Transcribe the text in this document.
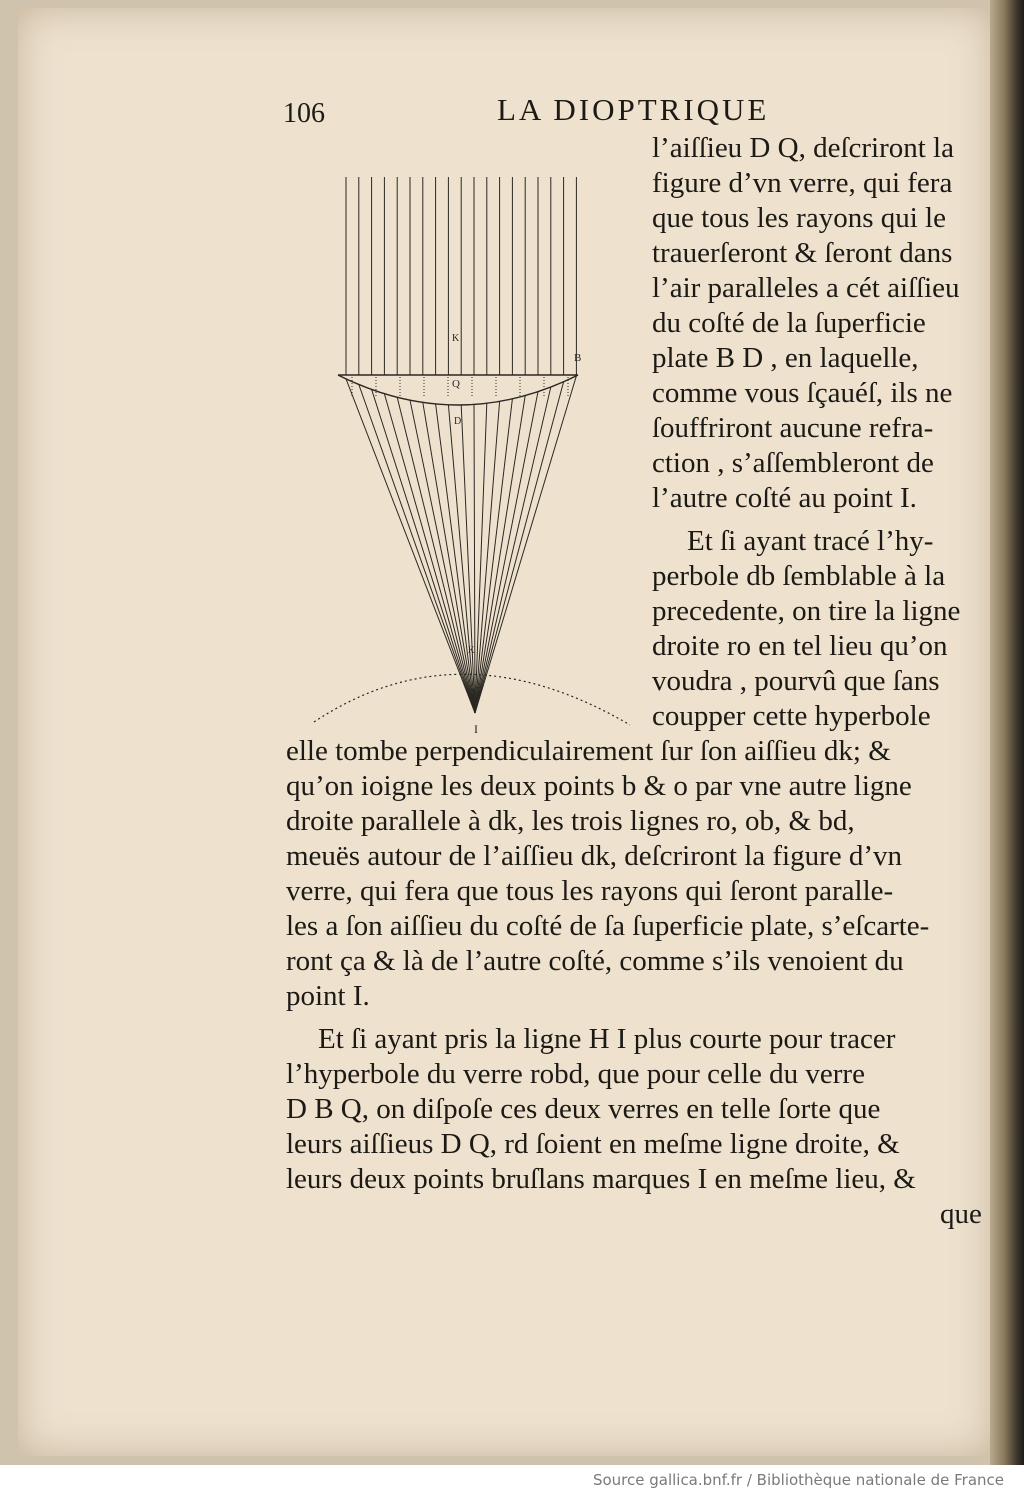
106	LA DIOPTRIQUE
K
Q
D
B
K
I
l’aiſſieu D Q, deſcriront la
figure d’vn verre, qui fera
que tous les rayons qui le
trauerſeront & ſeront dans
l’air paralleles a cét aiſſieu
du coſté de la ſuperficie
plate B D , en laquelle,
comme vous ſçauéſ, ils ne
ſouffriront aucune refra-
ction , s’aſſembleront de
l’autre coſté au point I.
Et ſi ayant tracé l’hy-
perbole db ſemblable à la
precedente, on tire la ligne
droite ro en tel lieu qu’on
voudra , pourvû que ſans
coupper cette hyperbole
elle tombe perpendiculairement ſur ſon aiſſieu dk; &
qu’on ioigne les deux points b & o par vne autre ligne
droite parallele à dk, les trois lignes ro, ob, & bd,
meuës autour de l’aiſſieu dk, deſcriront la figure d’vn
verre, qui fera que tous les rayons qui ſeront paralle-
les a ſon aiſſieu du coſté de ſa ſuperficie plate, s’eſcarte-
ront ça & là de l’autre coſté, comme s’ils venoient du
point I.
Et ſi ayant pris la ligne H I plus courte pour tracer
l’hyperbole du verre robd, que pour celle du verre
D B Q, on diſpoſe ces deux verres en telle ſorte que
leurs aiſſieus D Q, rd ſoient en meſme ligne droite, &
leurs deux points bruſlans marques I en meſme lieu, &
que
Source gallica.bnf.fr / Bibliothèque nationale de France
